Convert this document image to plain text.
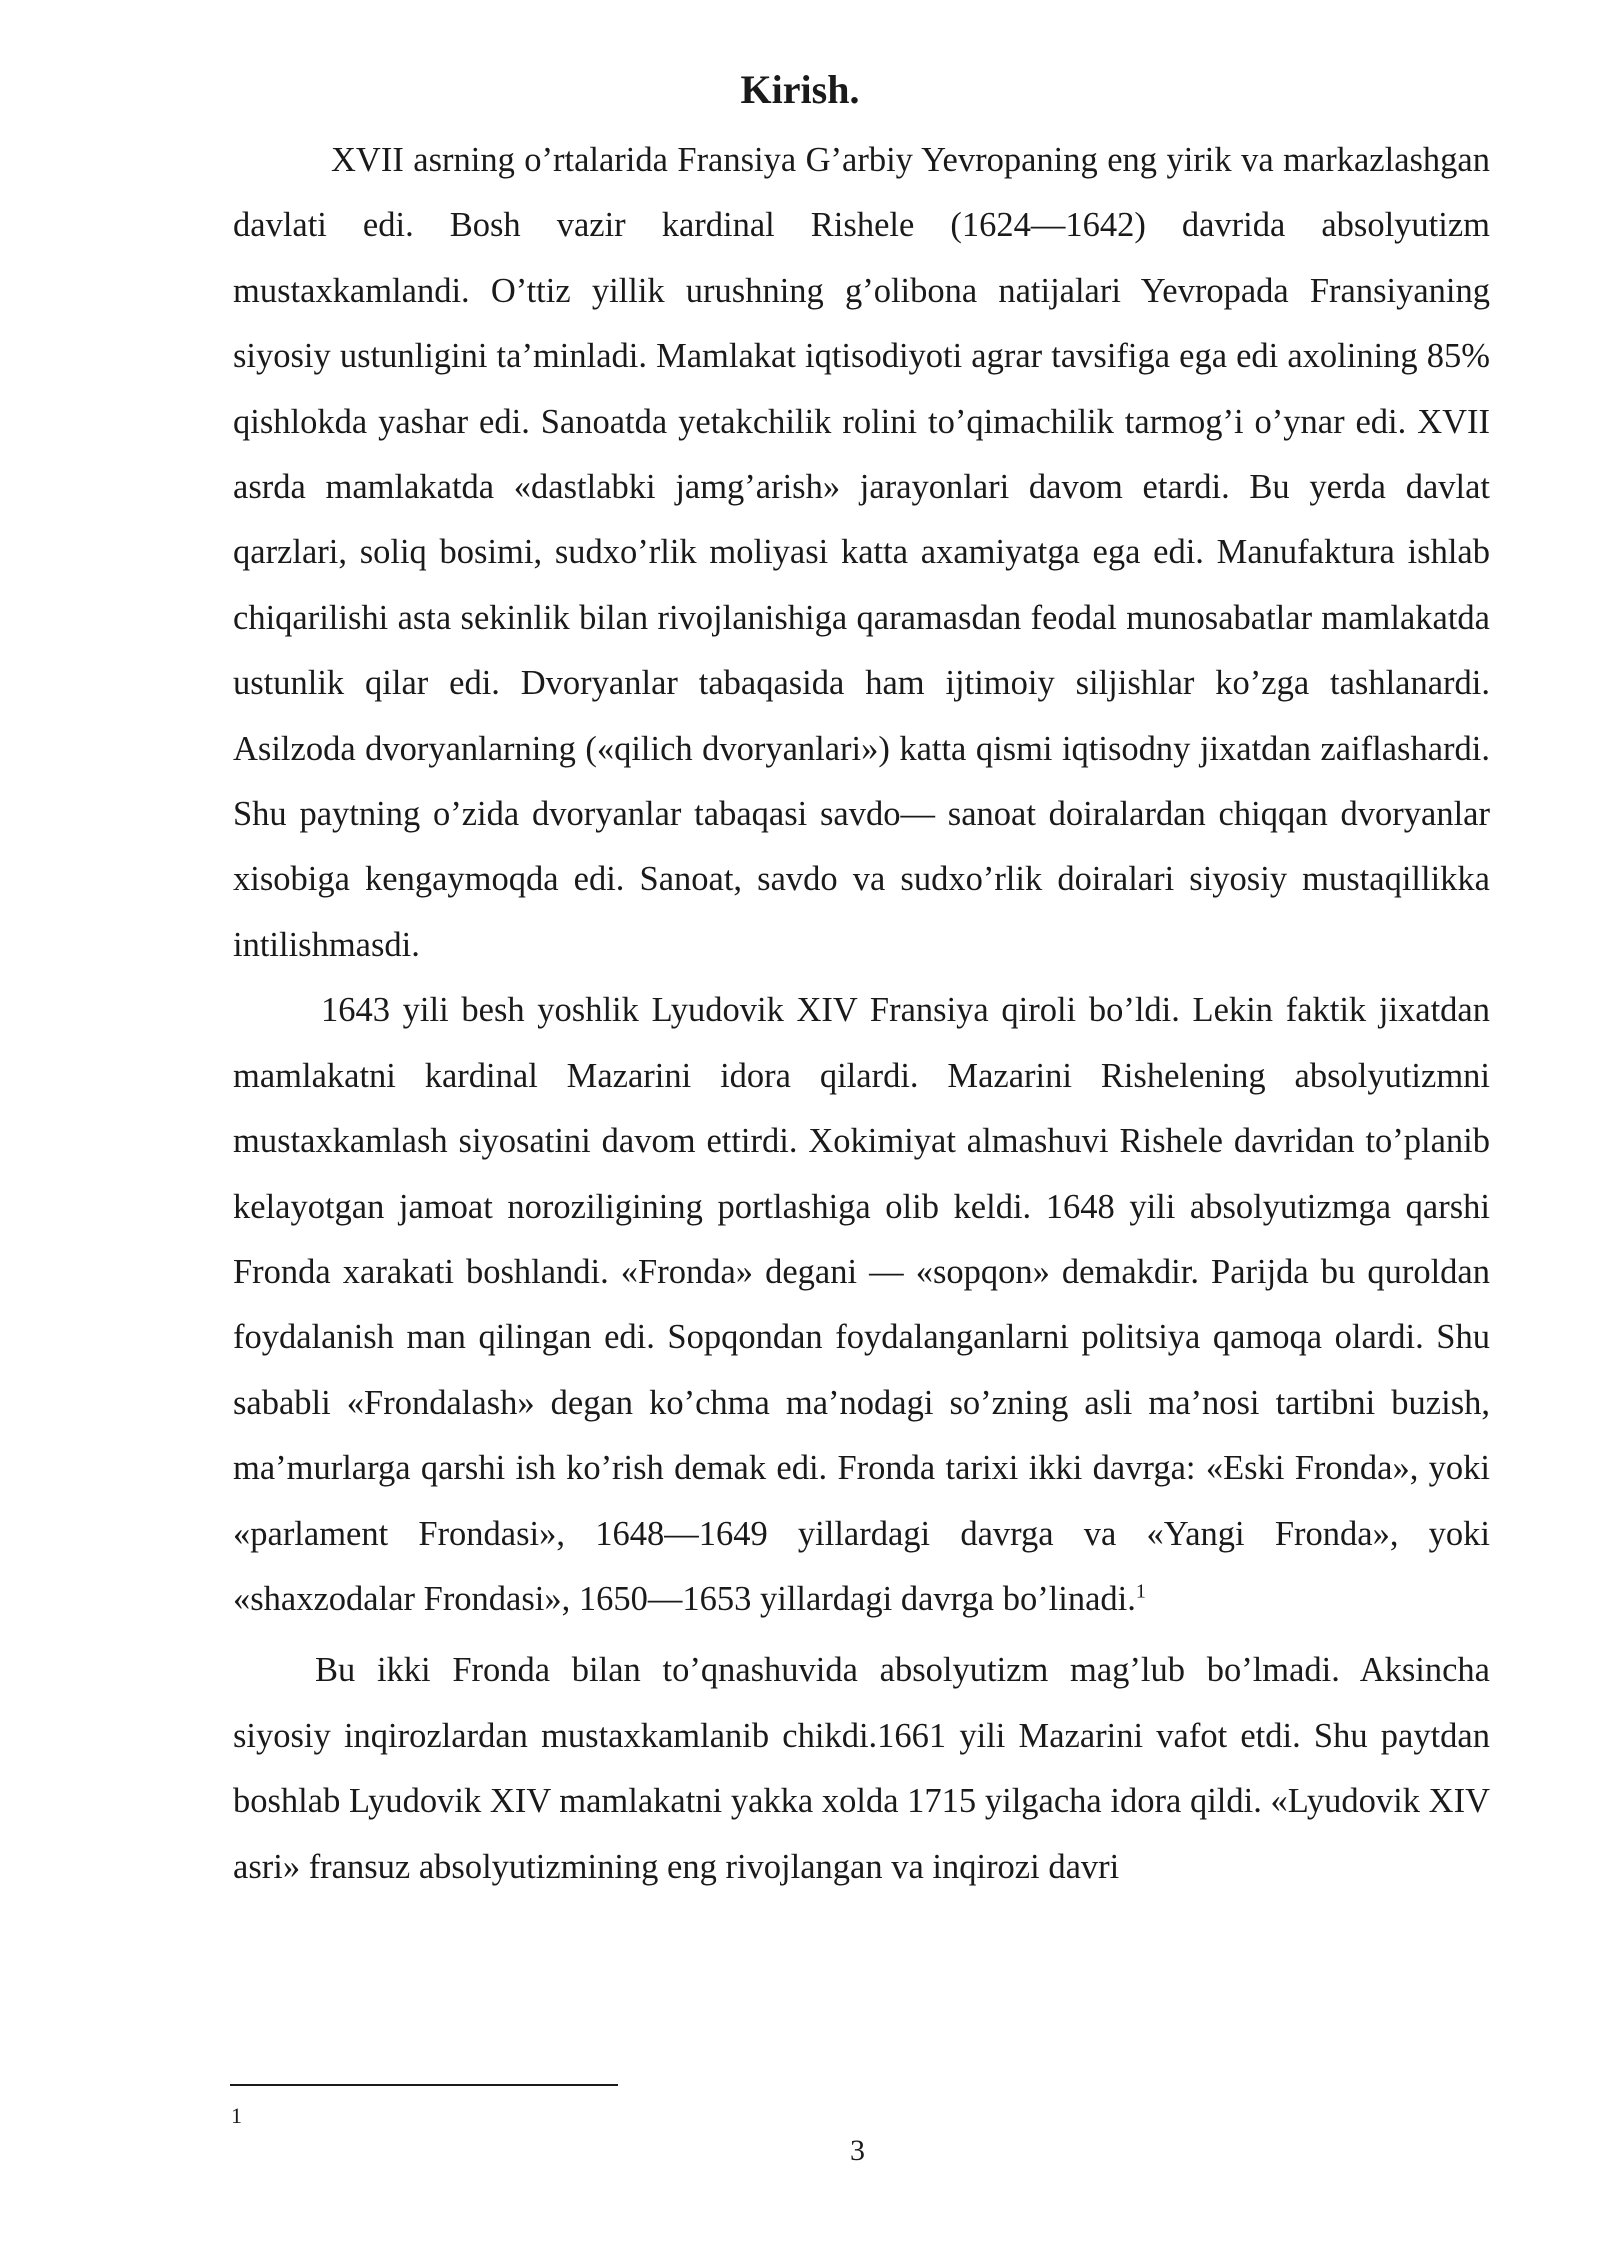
Kirish.

XVII asrning o’rtalarida Fransiya G’arbiy Yevropaning eng yirik va markazlashgan davlati edi. Bosh vazir kardinal Rishele (1624—1642) davrida absolyutizm mustaxkamlandi. O’ttiz yillik urushning g’olibona natijalari Yevropada Fransiyaning siyosiy ustunligini ta’minladi. Mamlakat iqtisodiyoti agrar tavsifiga ega edi axolining 85% qishlokda yashar edi. Sanoatda yetakchilik rolini to’qimachilik tarmog’i o’ynar edi. XVII asrda mamlakatda «dastlabki jamg’arish» jarayonlari davom etardi. Bu yerda davlat qarzlari, soliq bosimi, sudxo’rlik moliyasi katta axamiyatga ega edi. Manufaktura ishlab chiqarilishi asta sekinlik bilan rivojlanishiga qaramasdan feodal munosabatlar mamlakatda ustunlik qilar edi. Dvoryanlar tabaqasida ham ijtimoiy siljishlar ko’zga tashlanardi. Asilzoda dvoryanlarning («qilich dvoryanlari») katta qismi iqtisodny jixatdan zaiflashardi. Shu paytning o’zida dvoryanlar tabaqasi savdo— sanoat doiralardan chiqqan dvoryanlar xisobiga kengaymoqda edi. Sanoat, savdo va sudxo’rlik doiralari siyosiy mustaqillikka intilishmasdi.

1643 yili besh yoshlik Lyudovik XIV Fransiya qiroli bo’ldi. Lekin faktik jixatdan mamlakatni kardinal Mazarini idora qilardi. Mazarini Rishelening absolyutizmni mustaxkamlash siyosatini davom ettirdi. Xokimiyat almashuvi Rishele davridan to’planib kelayotgan jamoat noroziligining portlashiga olib keldi. 1648 yili absolyutizmga qarshi Fronda xarakati boshlandi. «Fronda» degani — «sopqon» demakdir. Parijda bu quroldan foydalanish man qilingan edi. Sopqondan foydalanganlarni politsiya qamoqa olardi. Shu sababli «Frondalash» degan ko’chma ma’nodagi so’zning asli ma’nosi tartibni buzish, ma’murlarga qarshi ish ko’rish demak edi. Fronda tarixi ikki davrga: «Eski Fronda», yoki «parlament Frondasi», 1648—1649 yillardagi davrga va «Yangi Fronda», yoki «shaxzodalar Frondasi», 1650—1653 yillardagi davrga bo’linadi.$^1$

Bu ikki Fronda bilan to’qnashuvida absolyutizm mag’lub bo’lmadi. Aksincha siyosiy inqirozlardan mustaxkamlanib chikdi.1661 yili Mazarini vafot etdi. Shu paytdan boshlab Lyudovik XIV mamlakatni yakka xolda 1715 yilgacha idora qildi. «Lyudovik XIV asri» fransuz absolyutizmining eng rivojlangan va inqirozi davri

1
3
